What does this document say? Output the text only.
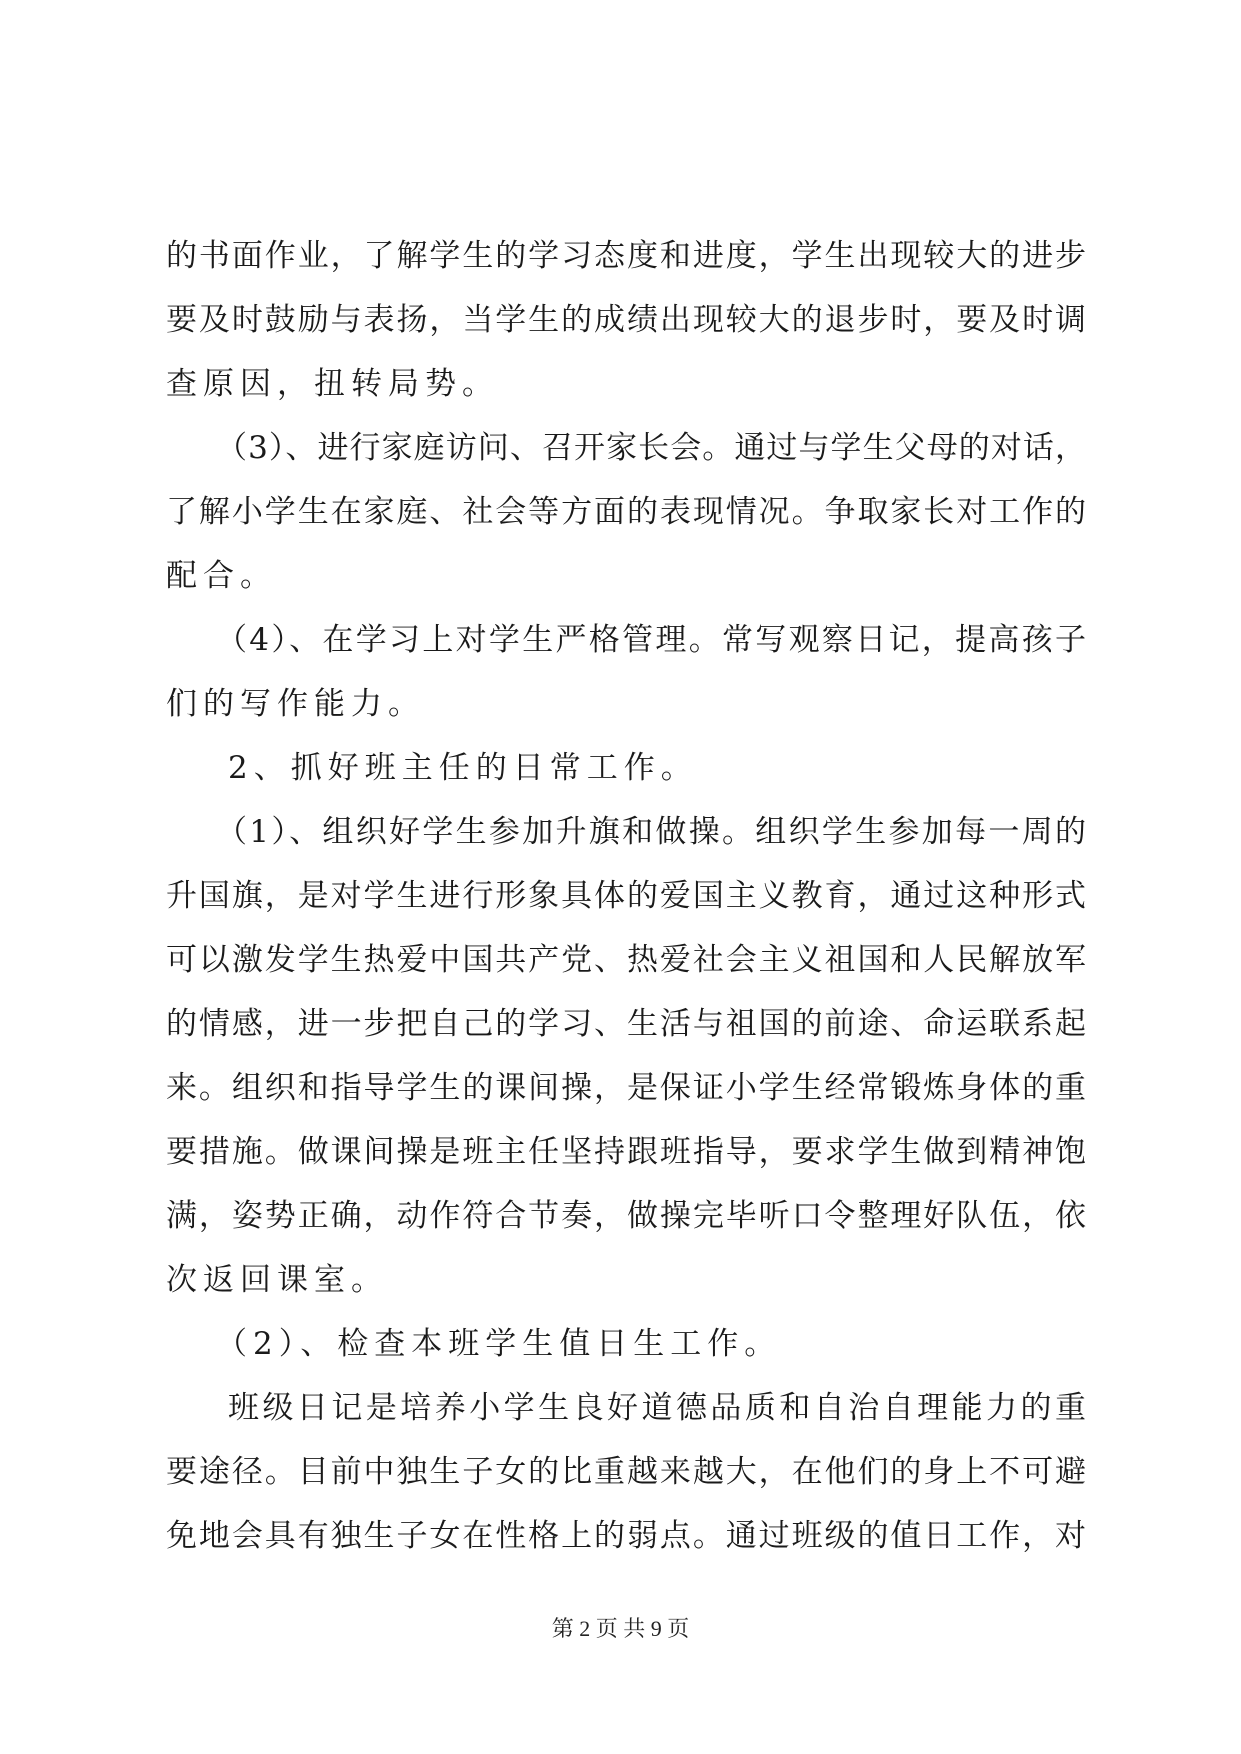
的书面作业，了解学生的学习态度和进度，学生出现较大的进步
要及时鼓励与表扬，当学生的成绩出现较大的退步时，要及时调
查原因，扭转局势。
（3）、进行家庭访问、召开家长会。通过与学生父母的对话，
了解小学生在家庭、社会等方面的表现情况。争取家长对工作的
配合。
（4）、在学习上对学生严格管理。常写观察日记，提高孩子
们的写作能力。
2、抓好班主任的日常工作。
（1）、组织好学生参加升旗和做操。组织学生参加每一周的
升国旗，是对学生进行形象具体的爱国主义教育，通过这种形式
可以激发学生热爱中国共产党、热爱社会主义祖国和人民解放军
的情感，进一步把自己的学习、生活与祖国的前途、命运联系起
来。组织和指导学生的课间操，是保证小学生经常锻炼身体的重
要措施。做课间操是班主任坚持跟班指导，要求学生做到精神饱
满，姿势正确，动作符合节奏，做操完毕听口令整理好队伍，依
次返回课室。
（2）、检查本班学生值日生工作。
班级日记是培养小学生良好道德品质和自治自理能力的重
要途径。目前中独生子女的比重越来越大，在他们的身上不可避
免地会具有独生子女在性格上的弱点。通过班级的值日工作，对
第 2 页 共 9 页
